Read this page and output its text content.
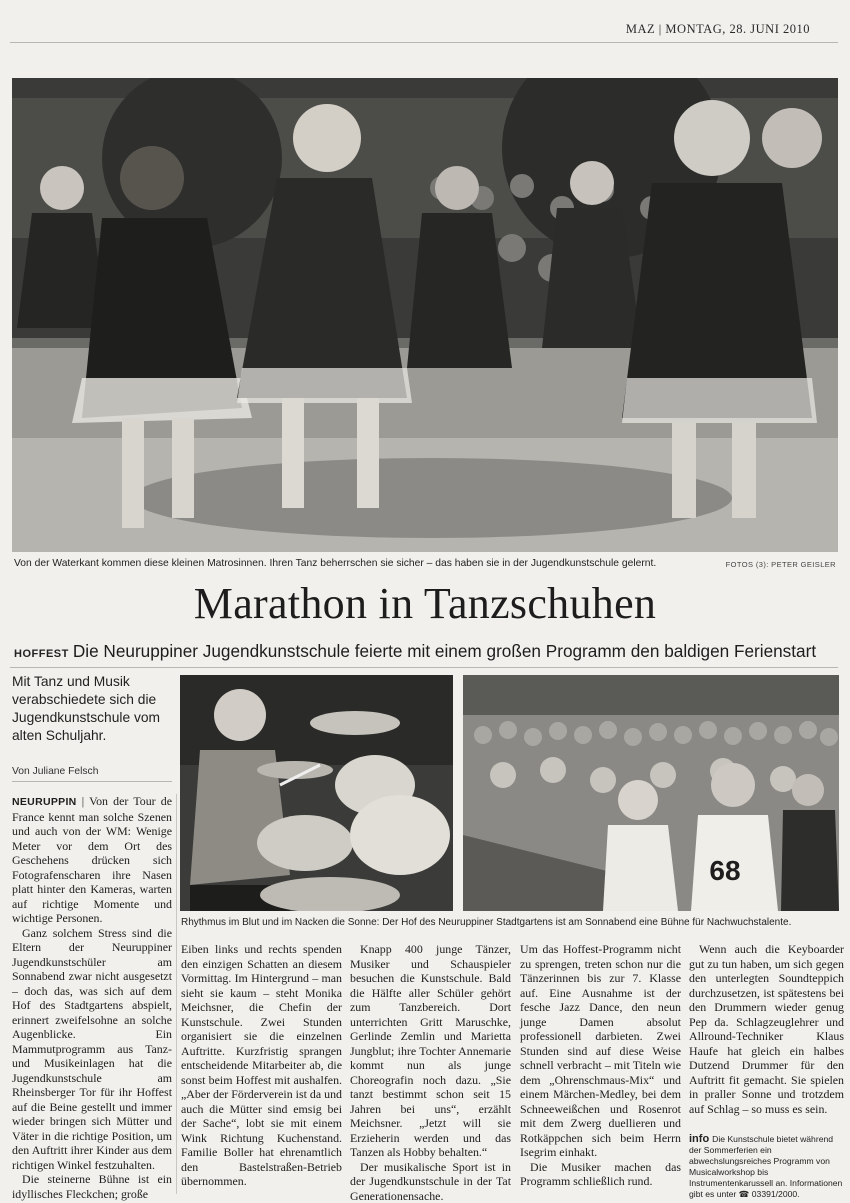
MAZ | MONTAG, 28. JUNI 2010
Von der Waterkant kommen diese kleinen Matrosinnen. Ihren Tanz beherrschen sie sicher – das haben sie in der Jugendkunstschule gelernt.	FOTOS (3): PETER GEISLER
Marathon in Tanzschuhen
HOFFEST Die Neuruppiner Jugendkunstschule feierte mit einem großen Programm den baldigen Ferienstart
Mit Tanz und Musik verabschiedete sich die Jugendkunstschule vom alten Schuljahr.
Von Juliane Felsch
68
Rhythmus im Blut und im Nacken die Sonne: Der Hof des Neuruppiner Stadtgartens ist am Sonnabend eine Bühne für Nachwuchstalente.

NEURUPPIN | Von der Tour de France kennt man solche Szenen und auch von der WM: Wenige Meter vor dem Ort des Geschehens drücken sich Fotografenscharen ihre Nasen platt hinter den Kameras, warten auf richtige Momente und wichtige Personen.

Ganz solchem Stress sind die Eltern der Neuruppiner Jugendkunstschüler am Sonnabend zwar nicht ausgesetzt – doch das, was sich auf dem Hof des Stadtgartens abspielt, erinnert zweifelsohne an solche Augenblicke. Ein Mammutprogramm aus Tanz- und Musikeinlagen hat die Jugendkunstschule am Rheinsberger Tor für ihr Hoffest auf die Beine gestellt und immer wieder bringen sich Mütter und Väter in die richtige Position, um den Auftritt ihrer Kinder aus dem richtigen Winkel festzuhalten.

Die steinerne Bühne ist ein idyllisches Fleckchen; große

Eiben links und rechts spenden den einzigen Schatten an diesem Vormittag. Im Hintergrund – man sieht sie kaum – steht Monika Meichsner, die Chefin der Kunstschule. Zwei Stunden organisiert sie die einzelnen Auftritte. Kurzfristig sprangen entscheidende Mitarbeiter ab, die sonst beim Hoffest mit aushalfen. „Aber der Förderverein ist da und auch die Mütter sind emsig bei der Sache“, lobt sie mit einem Wink Richtung Kuchenstand. Familie Boller hat ehrenamtlich den Bastelstraßen-Betrieb übernommen.

Knapp 400 junge Tänzer, Musiker und Schauspieler besuchen die Kunstschule. Bald die Hälfte aller Schüler gehört zum Tanzbereich. Dort unterrichten Gritt Maruschke, Gerlinde Zemlin und Marietta Jungblut; ihre Tochter Annemarie kommt nun als junge Choreografin noch dazu. „Sie tanzt bestimmt schon seit 15 Jahren bei uns“, erzählt Meichsner. „Jetzt will sie Erzieherin werden und das Tanzen als Hobby behalten.“

Der musikalische Sport ist in der Jugendkunstschule in der Tat Generationensache.

Um das Hoffest-Programm nicht zu sprengen, treten schon nur die Tänzerinnen bis zur 7. Klasse auf. Eine Ausnahme ist der fesche Jazz Dance, den neun junge Damen absolut professionell darbieten. Zwei Stunden sind auf diese Weise schnell verbracht – mit Titeln wie dem „Ohrenschmaus-Mix“ und einem Märchen-Medley, bei dem Schneeweißchen und Rosenrot mit dem Zwerg duellieren und Rotkäppchen sich beim Herrn Isegrim einhakt.

Die Musiker machen das Programm schließlich rund.

Wenn auch die Keyboarder gut zu tun haben, um sich gegen den unterlegten Soundteppich durchzusetzen, ist spätestens bei den Drummern wieder genug Pep da. Schlagzeuglehrer und Allround-Techniker Klaus Haufe hat gleich ein halbes Dutzend Drummer für den Auftritt fit gemacht. Sie spielen in praller Sonne und trotzdem auf Schlag – so muss es sein.

info Die Kunstschule bietet während der Sommerferien ein abwechslungsreiches Programm von Musicalworkshop bis Instrumentenkarussell an. Informationen gibt es unter ☎ 03391/2000.
